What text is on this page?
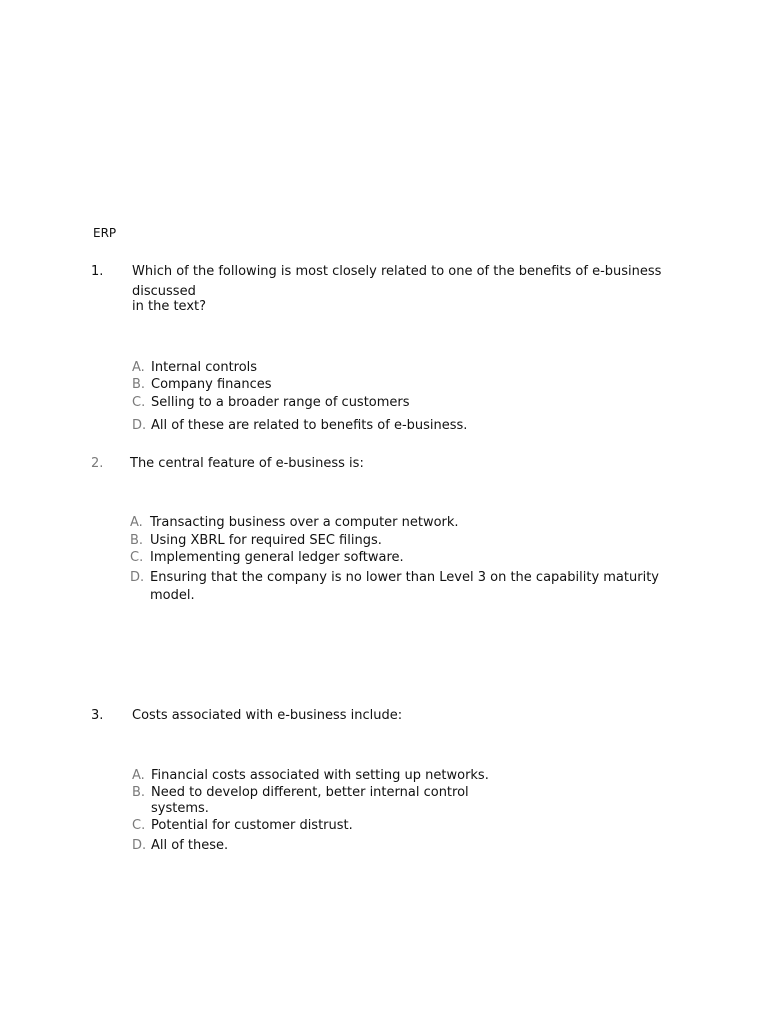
ERP
1. Which of the following is most closely related to one of the benefits of e-business
discussed
in the text?
A. Internal controls
B. Company finances
C. Selling to a broader range of customers
D. All of these are related to benefits of e-business.
2. The central feature of e-business is:
A. Transacting business over a computer network.
B. Using XBRL for required SEC filings.
C. Implementing general ledger software.
D. Ensuring that the company is no lower than Level 3 on the capability maturity
model.
3. Costs associated with e-business include:
A. Financial costs associated with setting up networks.
B. Need to develop different, better internal control
systems.
C. Potential for customer distrust.
D. All of these.
